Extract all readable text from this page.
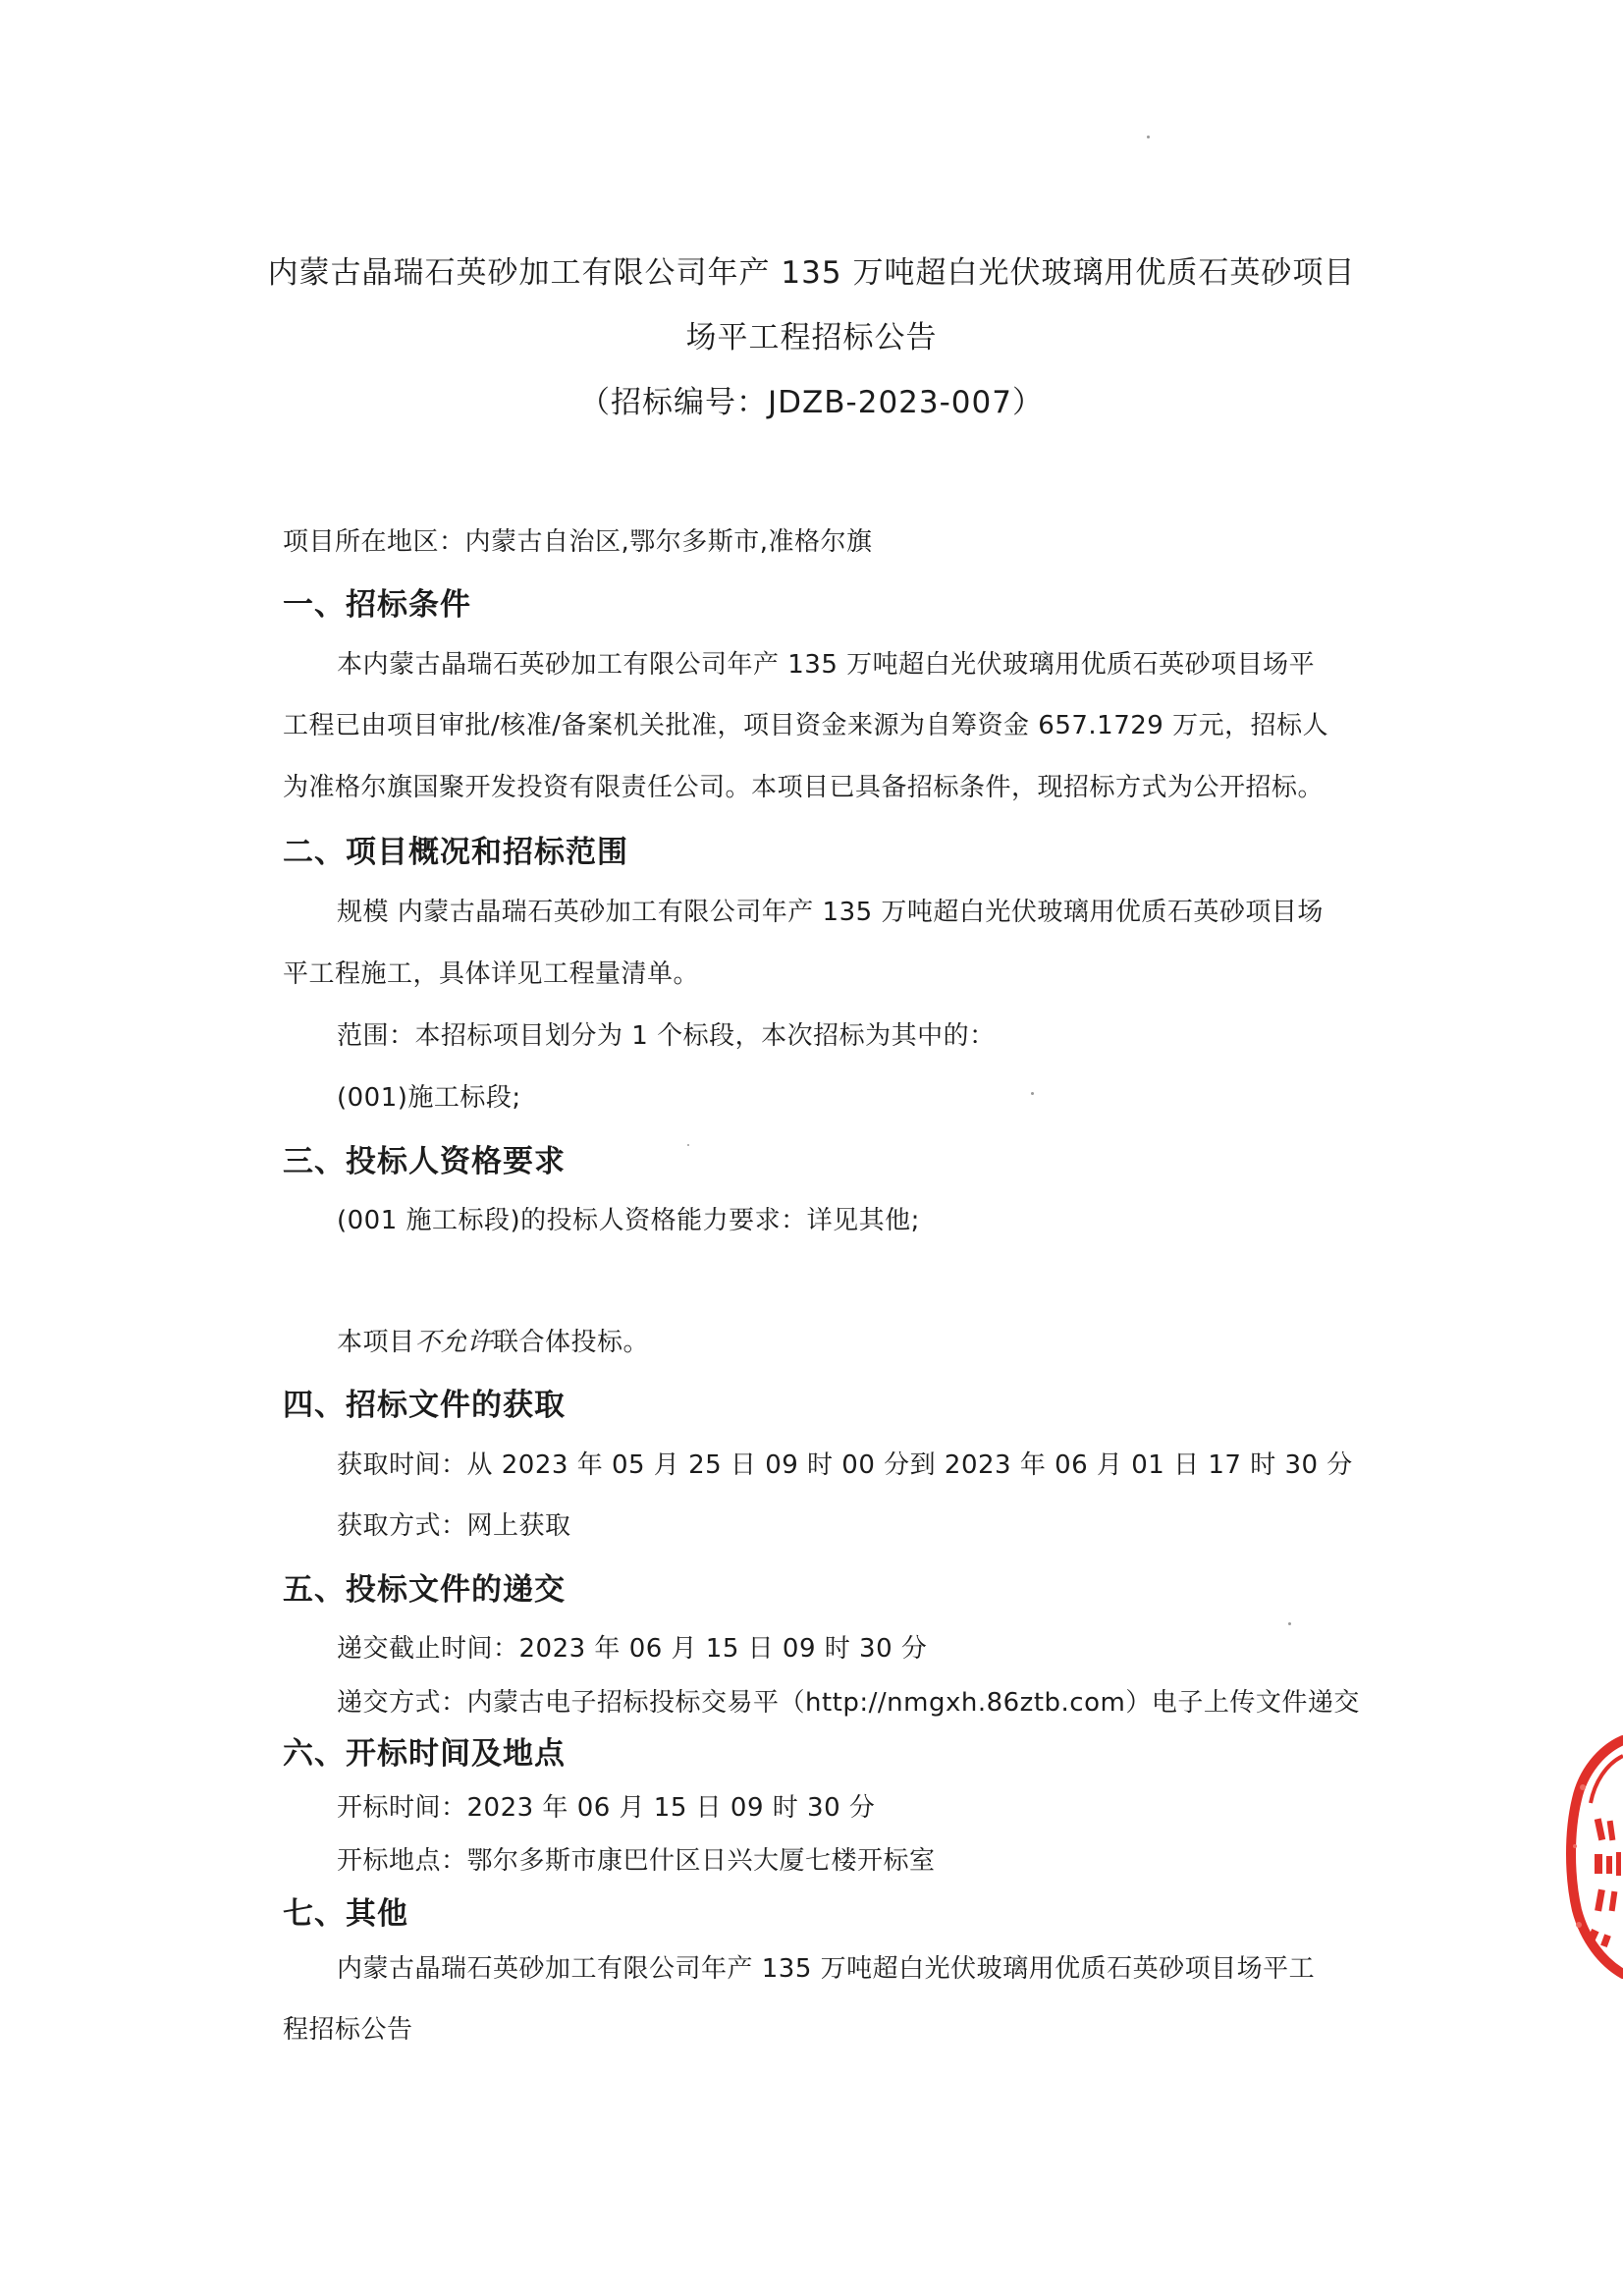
内蒙古晶瑞石英砂加工有限公司年产 135 万吨超白光伏玻璃用优质石英砂项目
场平工程招标公告
（招标编号：JDZB-2023-007）
项目所在地区：内蒙古自治区,鄂尔多斯市,准格尔旗
一、招标条件
本内蒙古晶瑞石英砂加工有限公司年产 135 万吨超白光伏玻璃用优质石英砂项目场平
工程已由项目审批/核准/备案机关批准，项目资金来源为自筹资金 657.1729 万元，招标人
为准格尔旗国聚开发投资有限责任公司。本项目已具备招标条件，现招标方式为公开招标。
二、项目概况和招标范围
规模 内蒙古晶瑞石英砂加工有限公司年产 135 万吨超白光伏玻璃用优质石英砂项目场
平工程施工，具体详见工程量清单。
范围：本招标项目划分为 1 个标段，本次招标为其中的：
(001)施工标段;
三、投标人资格要求
(001 施工标段)的投标人资格能力要求：详见其他;
本项目不允许联合体投标。
四、招标文件的获取
获取时间：从 2023 年 05 月 25 日 09 时 00 分到 2023 年 06 月 01 日 17 时 30 分
获取方式：网上获取
五、投标文件的递交
递交截止时间：2023 年 06 月 15 日 09 时 30 分
递交方式：内蒙古电子招标投标交易平（http://nmgxh.86ztb.com）电子上传文件递交
六、开标时间及地点
开标时间：2023 年 06 月 15 日 09 时 30 分
开标地点：鄂尔多斯市康巴什区日兴大厦七楼开标室
七、其他
内蒙古晶瑞石英砂加工有限公司年产 135 万吨超白光伏玻璃用优质石英砂项目场平工
程招标公告
